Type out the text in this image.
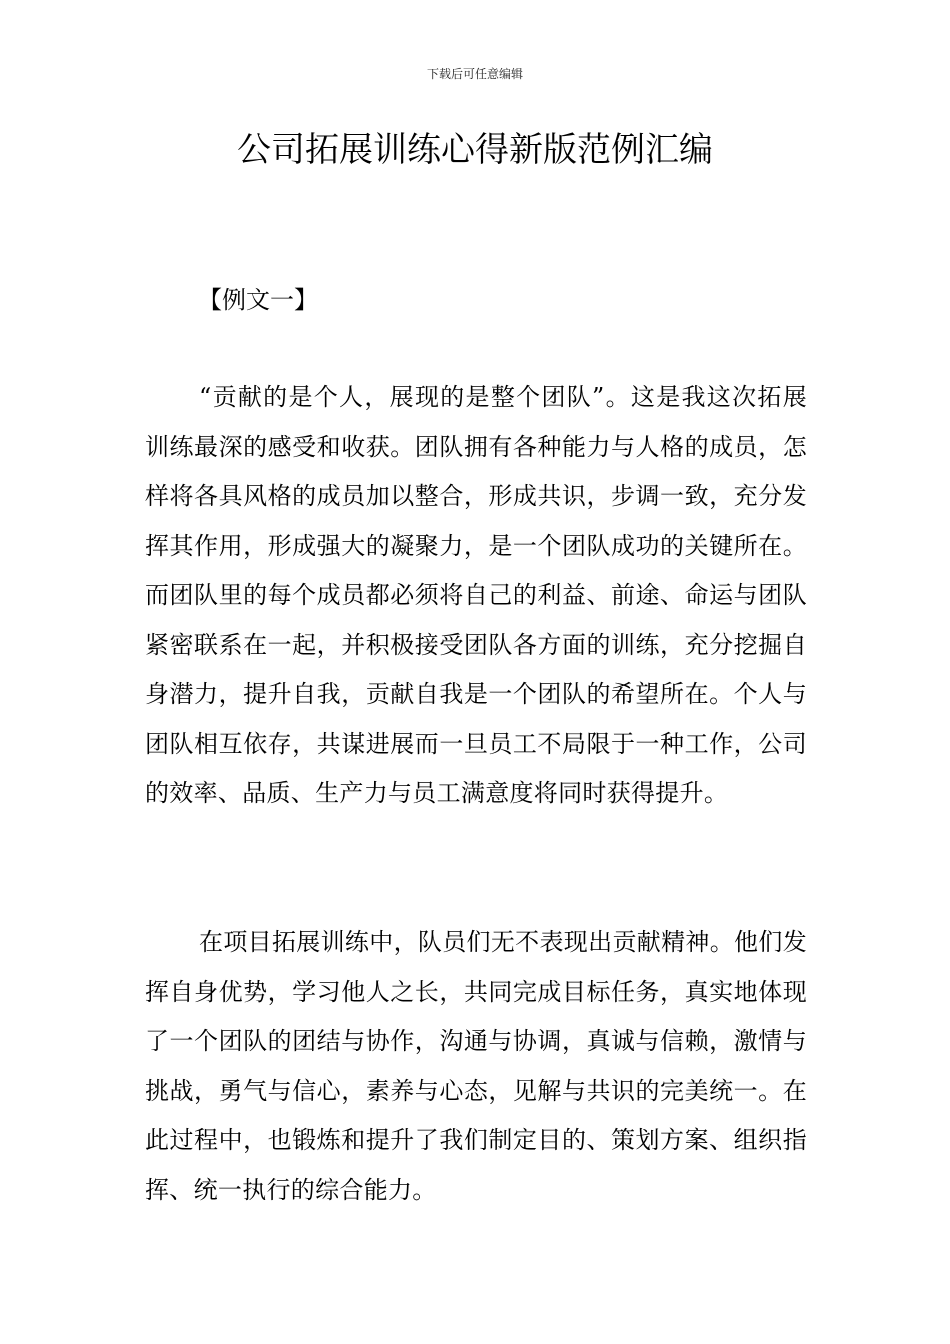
下载后可任意编辑
公司拓展训练心得新版范例汇编

【例文一】

“贡献的是个人，展现的是整个团队”。这是我这次拓展训练最深的感受和收获。团队拥有各种能力与人格的成员，怎样将各具风格的成员加以整合，形成共识，步调一致，充分发挥其作用，形成强大的凝聚力，是一个团队成功的关键所在。而团队里的每个成员都必须将自己的利益、前途、命运与团队紧密联系在一起，并积极接受团队各方面的训练，充分挖掘自身潜力，提升自我，贡献自我是一个团队的希望所在。个人与团队相互依存，共谋进展而一旦员工不局限于一种工作，公司的效率、品质、生产力与员工满意度将同时获得提升。

在项目拓展训练中，队员们无不表现出贡献精神。他们发挥自身优势，学习他人之长，共同完成目标任务，真实地体现了一个团队的团结与协作，沟通与协调，真诚与信赖，激情与挑战，勇气与信心，素养与心态，见解与共识的完美统一。在此过程中，也锻炼和提升了我们制定目的、策划方案、组织指挥、统一执行的综合能力。
